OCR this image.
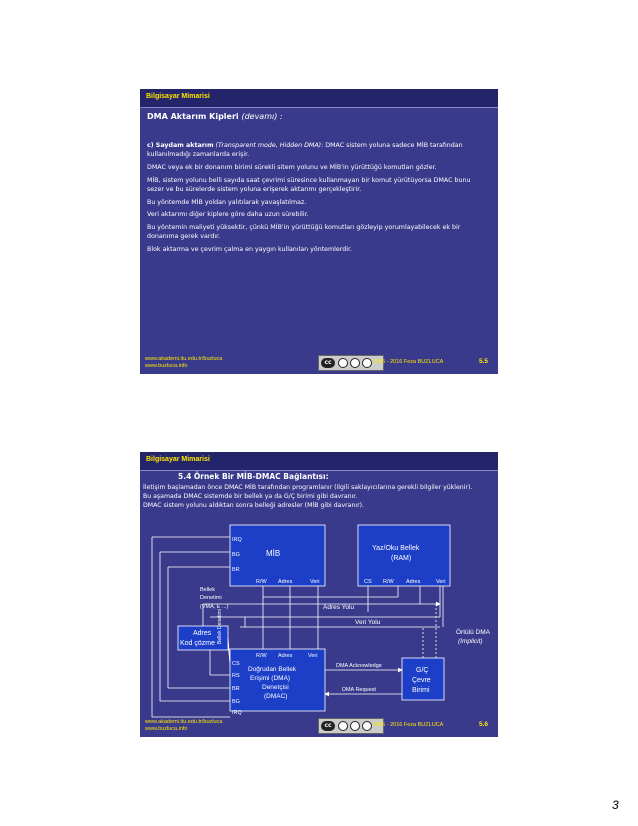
Bilgisayar Mimarisi
DMA Aktarım Kipleri (devamı) :

c) Saydam aktarım (Transparent mode, Hidden DMA): DMAC sistem yoluna sadece MİB tarafından kullanılmadığı zamanlarda erişir.

DMAC veya ek bir donanım birimi sürekli sitem yolunu ve MİB'in yürüttüğü komutları gözler.

MİB, sistem yolunu belli sayıda saat çevrimi süresince kullanmayan bir komut yürütüyorsa DMAC bunu sezer ve bu sürelerde sistem yoluna erişerek aktarımı gerçekleştirir.

Bu yöntemde MİB yoldan yalıtılarak yavaşlatılmaz.

Veri aktarımı diğer kiplere göre daha uzun sürebilir.

Bu yöntemin maliyeti yüksektir, çünkü MİB'in yürüttüğü komutları gözleyip yorumlayabilecek ek bir donanıma gerek vardır.

Blok aktarma ve çevrim çalma en yaygın kullanılan yöntemlerdir.

www.akademi.itu.edu.tr/buzluca
www.buzluca.info	cc	2005 - 2016 Feza BUZLUCA	5.5
Bilgisayar Mimarisi
5.4 Örnek Bir MİB-DMAC Bağlantısı:

İletişim başlamadan önce DMAC MİB tarafından programlanır (ilgili saklayıcılarına gerekli bilgiler yüklenir).

Bu aşamada DMAC sistemde bir bellek ya da G/Ç birimi gibi davranır.

DMAC sistem yolunu aldıktan sonra belleği adresler (MİB gibi davranır).

IRQ
BG
BR
MİB
R/W Adres	Veri
Yaz/Oku Bellek
(RAM)
CS R/W Adres	Veri
Bellek
Denetimi
(VMA, E ...)	Adres Yolu
Veri Yolu
Adres
Kod çözme Bellek Denetimi
CS
RS
BR
BG
IRQ
R/W Adres	Veri
Doğrudan Bellek
Erişimi (DMA)
Denetçisi
(DMAC)
DMA Acknowledge
DMA Request
G/Ç
Çevre
Birimi
Örtülü DMA
(Implicit)
www.akademi.itu.edu.tr/buzluca
www.buzluca.info	cc	2005 - 2016 Feza BUZLUCA	5.6
3
